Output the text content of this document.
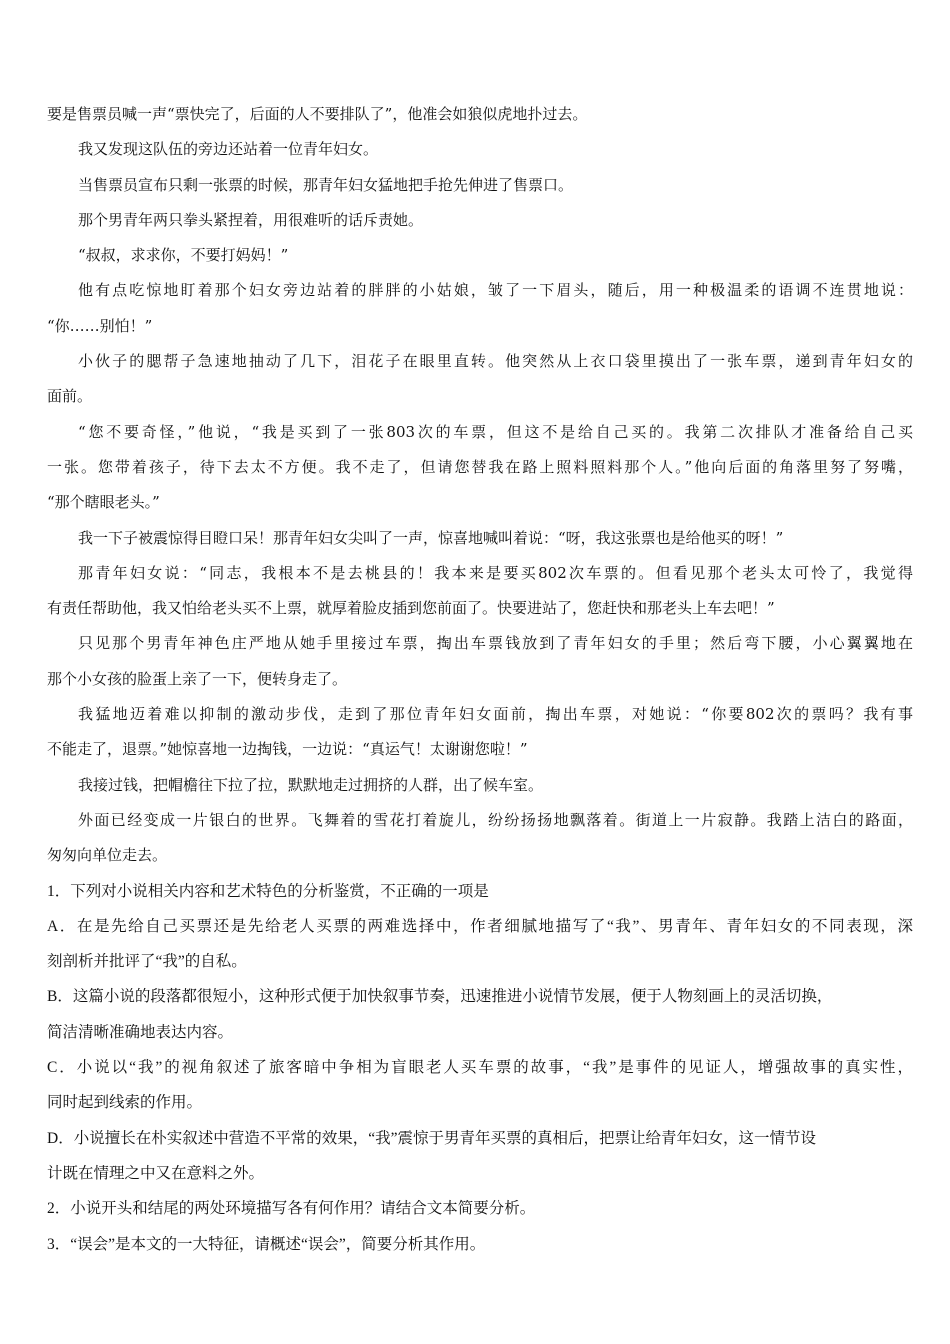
要是售票员喊一声“票快完了，后面的人不要排队了”，他准会如狼似虎地扑过去。
我又发现这队伍的旁边还站着一位青年妇女。
当售票员宣布只剩一张票的时候，那青年妇女猛地把手抢先伸进了售票口。
那个男青年两只拳头紧捏着，用很难听的话斥责她。
“叔叔，求求你，不要打妈妈！”
他有点吃惊地盯着那个妇女旁边站着的胖胖的小姑娘，皱了一下眉头，随后，用一种极温柔的语调不连贯地说：
“你……别怕！”
小伙子的腮帮子急速地抽动了几下，泪花子在眼里直转。他突然从上衣口袋里摸出了一张车票，递到青年妇女的
面前。
“您不要奇怪，”他说，“我是买到了一张803次的车票，但这不是给自己买的。我第二次排队才准备给自己买
一张。您带着孩子，待下去太不方便。我不走了，但请您替我在路上照料照料那个人。”他向后面的角落里努了努嘴，
“那个瞎眼老头。”
我一下子被震惊得目瞪口呆！那青年妇女尖叫了一声，惊喜地喊叫着说：“呀，我这张票也是给他买的呀！”
那青年妇女说：“同志，我根本不是去桃县的！我本来是要买802次车票的。但看见那个老头太可怜了，我觉得
有责任帮助他，我又怕给老头买不上票，就厚着脸皮插到您前面了。快要进站了，您赶快和那老头上车去吧！”
只见那个男青年神色庄严地从她手里接过车票，掏出车票钱放到了青年妇女的手里；然后弯下腰，小心翼翼地在
那个小女孩的脸蛋上亲了一下，便转身走了。
我猛地迈着难以抑制的激动步伐，走到了那位青年妇女面前，掏出车票，对她说：“你要802次的票吗？我有事
不能走了，退票。”她惊喜地一边掏钱，一边说：“真运气！太谢谢您啦！”
我接过钱，把帽檐往下拉了拉，默默地走过拥挤的人群，出了候车室。
外面已经变成一片银白的世界。飞舞着的雪花打着旋儿，纷纷扬扬地飘落着。街道上一片寂静。我踏上洁白的路面，
匆匆向单位走去。
1．下列对小说相关内容和艺术特色的分析鉴赏，不正确的一项是
A．在是先给自己买票还是先给老人买票的两难选择中，作者细腻地描写了“我”、男青年、青年妇女的不同表现，深
刻剖析并批评了“我”的自私。
B．这篇小说的段落都很短小，这种形式便于加快叙事节奏，迅速推进小说情节发展，便于人物刻画上的灵活切换，
简洁清晰准确地表达内容。
C．小说以“我”的视角叙述了旅客暗中争相为盲眼老人买车票的故事，“我”是事件的见证人，增强故事的真实性，
同时起到线索的作用。
D．小说擅长在朴实叙述中营造不平常的效果，“我”震惊于男青年买票的真相后，把票让给青年妇女，这一情节设
计既在情理之中又在意料之外。
2．小说开头和结尾的两处环境描写各有何作用？请结合文本简要分析。
3．“误会”是本文的一大特征，请概述“误会”，简要分析其作用。
